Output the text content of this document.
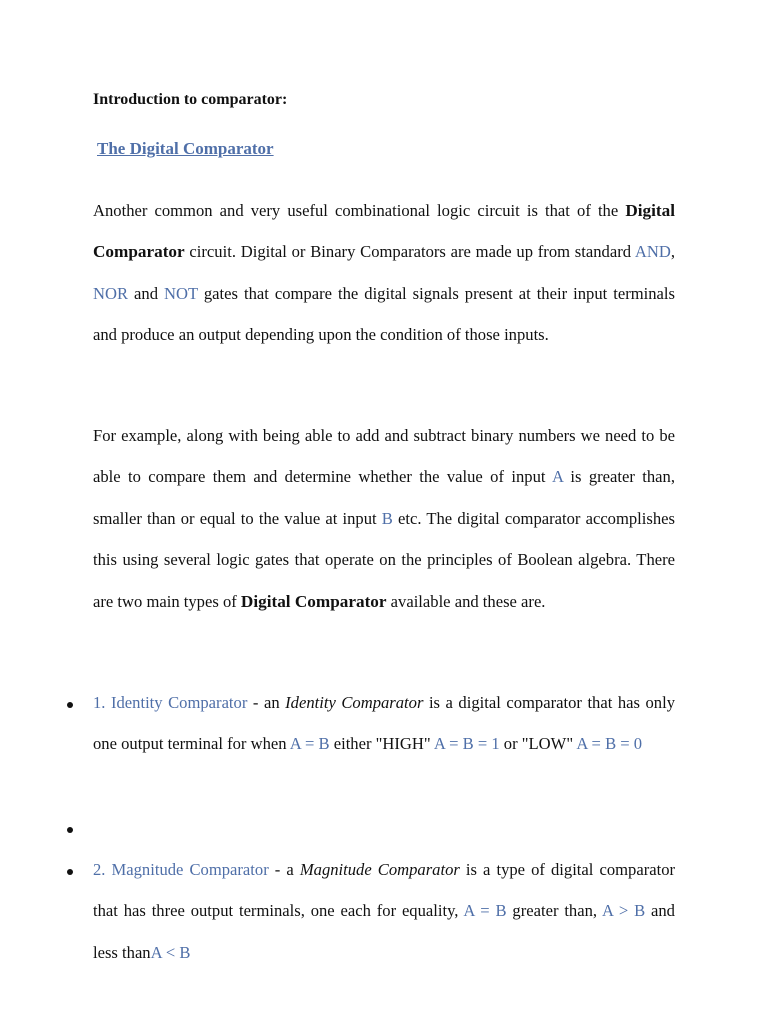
Introduction to comparator:
The Digital Comparator

Another common and very useful combinational logic circuit is that of the Digital Comparator circuit. Digital or Binary Comparators are made up from standard AND, NOR and NOT gates that compare the digital signals present at their input terminals and produce an output depending upon the condition of those inputs.

For example, along with being able to add and subtract binary numbers we need to be able to compare them and determine whether the value of input A is greater than, smaller than or equal to the value at input B etc. The digital comparator accomplishes this using several logic gates that operate on the principles of Boolean algebra. There are two main types of Digital Comparator available and these are.

1. Identity Comparator - an Identity Comparator is a digital comparator that has only one output terminal for when A = B either "HIGH" A = B = 1 or "LOW" A = B = 0

2. Magnitude Comparator - a Magnitude Comparator is a type of digital comparator that has three output terminals, one each for equality, A = B greater than, A > B and less thanA < B
